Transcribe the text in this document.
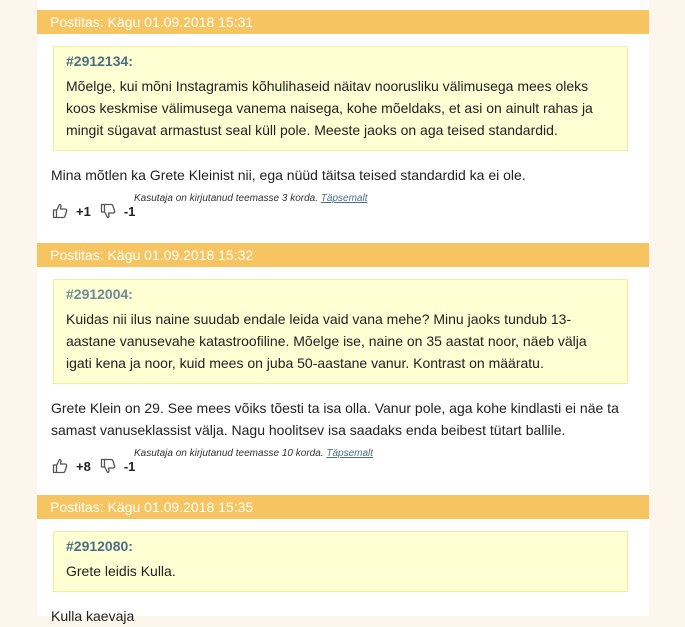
Postitas: Kägu 01.09.2018 15:31
#2912134:
Mõelge, kui mõni Instagramis kõhulihaseid näitav noorusliku välimusega mees oleks koos keskmise välimusega vanema naisega, kohe mõeldaks, et asi on ainult rahas ja mingit sügavat armastust seal küll pole. Meeste jaoks on aga teised standardid.
Mina mõtlen ka Grete Kleinist nii, ega nüüd täitsa teised standardid ka ei ole.
Kasutaja on kirjutanud teemasse 3 korda. Täpsemalt
+1	-1
Postitas: Kägu 01.09.2018 15:32
#2912004:
Kuidas nii ilus naine suudab endale leida vaid vana mehe? Minu jaoks tundub 13-aastane vanusevahe katastroofiline. Mõelge ise, naine on 35 aastat noor, näeb välja igati kena ja noor, kuid mees on juba 50-aastane vanur. Kontrast on määratu.
Grete Klein on 29. See mees võiks tõesti ta isa olla. Vanur pole, aga kohe kindlasti ei näe ta samast vanuseklassist välja. Nagu hoolitsev isa saadaks enda beibest tütart ballile.
Kasutaja on kirjutanud teemasse 10 korda. Täpsemalt
+8	-1
Postitas: Kägu 01.09.2018 15:35
#2912080:
Grete leidis Kulla.
Kulla kaevaja
